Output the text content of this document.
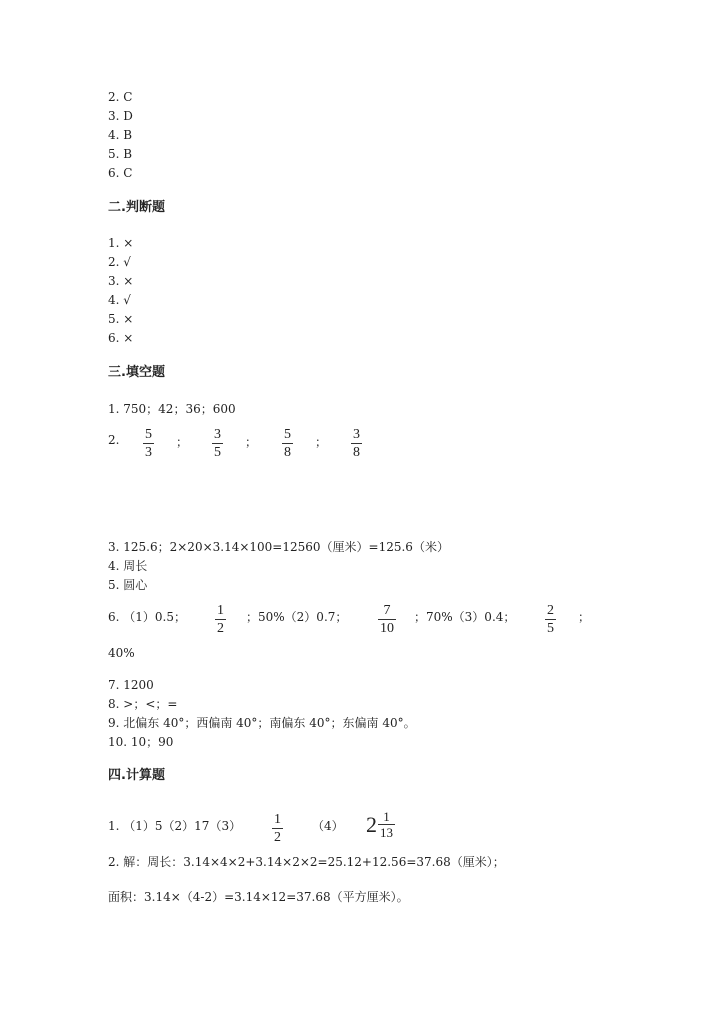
2. C
3. D
4. B
5. B
6. C
二.判断题
1. ×
2. √
3. ×
4. √
5. ×
6. ×
三.填空题
1. 750；42；36；600
2. 5
3
； 3
5
； 5
8
； 3
8
3. 125.6；2×20×3.14×100=12560（厘米）=125.6（米）
4. 周长
5. 圆心
6. （1）0.5； 1
2
；50%（2）0.7；	7
10
；70%（3）0.4； 2
5
；
40%
7. 1200
8. >；<；=
9. 北偏东 40°；西偏南 40°；南偏东 40°；东偏南 40°。
10. 10；90
四.计算题
1. （1）5（2）17（3） 1
2
（4） $2 \frac{1}{13}$
2. 解：周长：3.14×4×2+3.14×2×2=25.12+12.56=37.68（厘米）；
面积：3.14×（4-2）=3.14×12=37.68（平方厘米）。
